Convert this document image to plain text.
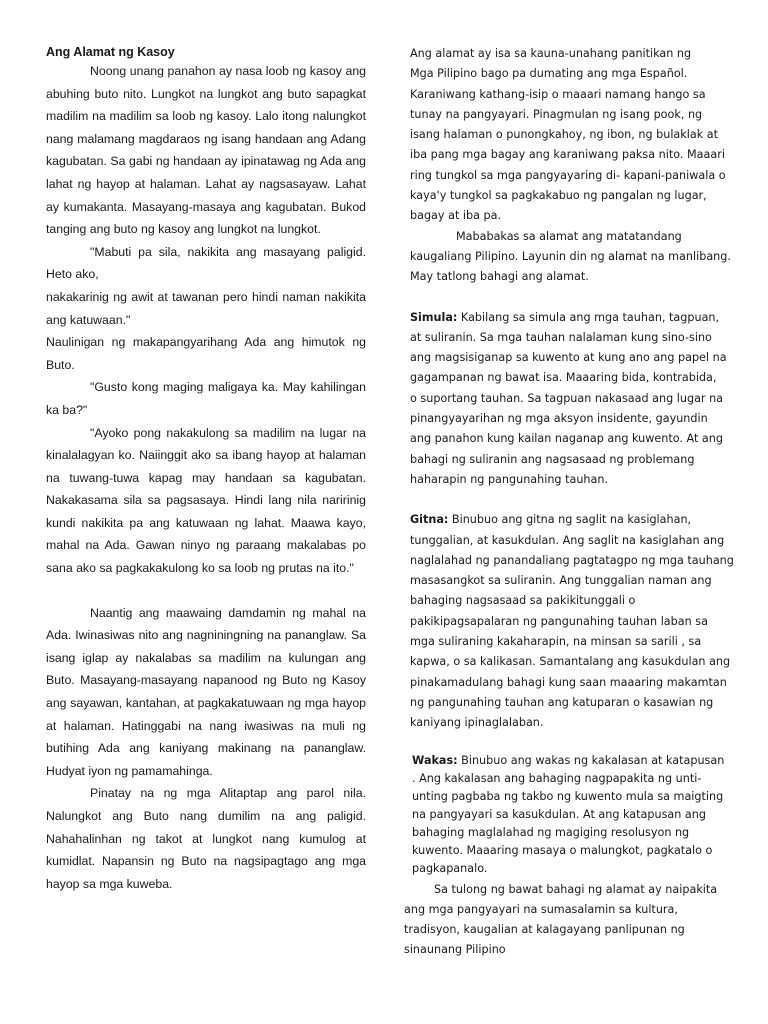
Ang Alamat ng Kasoy

Noong unang panahon ay nasa loob ng kasoy ang abuhing buto nito. Lungkot na lungkot ang buto sapagkat madilim na madilim sa loob ng kasoy. Lalo itong nalungkot nang malamang magdaraos ng isang handaan ang Adang kagubatan. Sa gabi ng handaan ay ipinatawag ng Ada ang lahat ng hayop at halaman. Lahat ay nagsasayaw. Lahat ay kumakanta. Masayang-masaya ang kagubatan. Bukod tanging ang buto ng kasoy ang lungkot na lungkot.

"Mabuti pa sila, nakikita ang masayang paligid. Heto ako,

nakakarinig ng awit at tawanan pero hindi naman nakikita ang katuwaan."

Naulinigan ng makapangyarihang Ada ang himutok ng Buto.

"Gusto kong maging maligaya ka. May kahilingan ka ba?"

"Ayoko pong nakakulong sa madilim na lugar na kinalalagyan ko. Naiinggit ako sa ibang hayop at halaman na tuwang-tuwa kapag may handaan sa kagubatan. Nakakasama sila sa pagsasaya. Hindi lang nila naririnig kundi nakikita pa ang katuwaan ng lahat. Maawa kayo, mahal na Ada. Gawan ninyo ng paraang makalabas po sana ako sa pagkakakulong ko sa loob ng prutas na ito."

Naantig ang maawaing damdamin ng mahal na Ada. Iwinasiwas nito ang nagniningning na pananglaw. Sa isang iglap ay nakalabas sa madilim na kulungan ang Buto. Masayang-masayang napanood ng Buto ng Kasoy ang sayawan, kantahan, at pagkakatuwaan ng mga hayop at halaman. Hatinggabi na nang iwasiwas na muli ng butihing Ada ang kaniyang makinang na pananglaw. Hudyat iyon ng pamamahinga.

Pinatay na ng mga Alitaptap ang parol nila. Nalungkot ang Buto nang dumilim na ang paligid. Nahahalinhan ng takot at lungkot nang kumulog at kumidlat. Napansin ng Buto na nagsipagtago ang mga hayop sa mga kuweba.

Ang alamat ay isa sa kauna-unahang panitikan ng
Mga Pilipino bago pa dumating ang mga Español.
Karaniwang kathang-isip o maaari namang hango sa
tunay na pangyayari. Pinagmulan ng isang pook, ng
isang halaman o punongkahoy, ng ibon, ng bulaklak at
iba pang mga bagay ang karaniwang paksa nito. Maaari
ring tungkol sa mga pangyayaring di- kapani-paniwala o
kaya'y tungkol sa pagkakabuo ng pangalan ng lugar,
bagay at iba pa.

Mababakas sa alamat ang matatandang
kaugaliang Pilipino. Layunin din ng alamat na manlibang.
May tatlong bahagi ang alamat.

Simula: Kabilang sa simula ang mga tauhan, tagpuan,
at suliranin. Sa mga tauhan nalalaman kung sino-sino
ang magsisiganap sa kuwento at kung ano ang papel na
gagampanan ng bawat isa. Maaaring bida, kontrabida,
o suportang tauhan. Sa tagpuan nakasaad ang lugar na
pinangyayarihan ng mga aksyon insidente, gayundin
ang panahon kung kailan naganap ang kuwento. At ang
bahagi ng suliranin ang nagsasaad ng problemang
haharapin ng pangunahing tauhan.

Gitna: Binubuo ang gitna ng saglit na kasiglahan,
tunggalian, at kasukdulan. Ang saglit na kasiglahan ang
naglalahad ng panandaliang pagtatagpo ng mga tauhang
masasangkot sa suliranin. Ang tunggalian naman ang
bahaging nagsasaad sa pakikitunggali o
pakikipagsapalaran ng pangunahing tauhan laban sa
mga suliraning kakaharapin, na minsan sa sarili , sa
kapwa, o sa kalikasan. Samantalang ang kasukdulan ang
pinakamadulang bahagi kung saan maaaring makamtan
ng pangunahing tauhan ang katuparan o kasawian ng
kaniyang ipinaglalaban.

Wakas: Binubuo ang wakas ng kakalasan at katapusan
. Ang kakalasan ang bahaging nagpapakita ng unti-
unting pagbaba ng takbo ng kuwento mula sa maigting
na pangyayari sa kasukdulan. At ang katapusan ang
bahaging maglalahad ng magiging resolusyon ng
kuwento. Maaaring masaya o malungkot, pagkatalo o
pagkapanalo.

Sa tulong ng bawat bahagi ng alamat ay naipakita
ang mga pangyayari na sumasalamin sa kultura,
tradisyon, kaugalian at kalagayang panlipunan ng
sinaunang Pilipino
